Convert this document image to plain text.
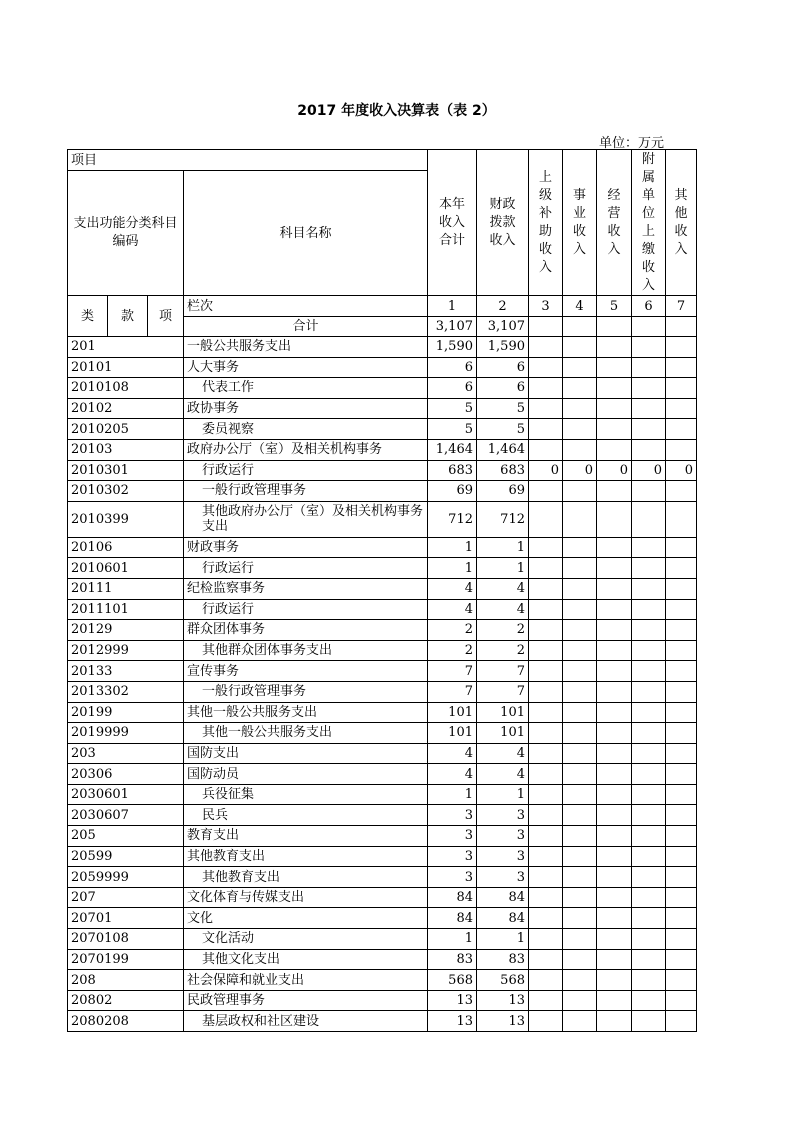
2017 年度收入决算表（表 2）
单位：万元
项目				本年收入合计	财政拨款收入	上级补助收入	事业收入	经营收入	附属单位上缴收入	其他收入
支出功能分类科目编码			科目名称							
类	款	项	栏次	1	2	3	4	5	6	7
			合计	3,107	3,107					
201			一般公共服务支出	1,590	1,590					
20101			人大事务	6	6					
2010108			代表工作	6	6					
20102			政协事务	5	5					
2010205			委员视察	5	5					
20103			政府办公厅（室）及相关机构事务	1,464	1,464					
2010301			行政运行	683	683	0	0	0	0	0
2010302			一般行政管理事务	69	69					
2010399			其他政府办公厅（室）及相关机构事务支出	712	712					
20106			财政事务	1	1					
2010601			行政运行	1	1					
20111			纪检监察事务	4	4					
2011101			行政运行	4	4					
20129			群众团体事务	2	2					
2012999			其他群众团体事务支出	2	2					
20133			宣传事务	7	7					
2013302			一般行政管理事务	7	7					
20199			其他一般公共服务支出	101	101					
2019999			其他一般公共服务支出	101	101					
203			国防支出	4	4					
20306			国防动员	4	4					
2030601			兵役征集	1	1					
2030607			民兵	3	3					
205			教育支出	3	3					
20599			其他教育支出	3	3					
2059999			其他教育支出	3	3					
207			文化体育与传媒支出	84	84					
20701			文化	84	84					
2070108			文化活动	1	1					
2070199			其他文化支出	83	83					
208			社会保障和就业支出	568	568					
20802			民政管理事务	13	13					
2080208			基层政权和社区建设	13	13					
